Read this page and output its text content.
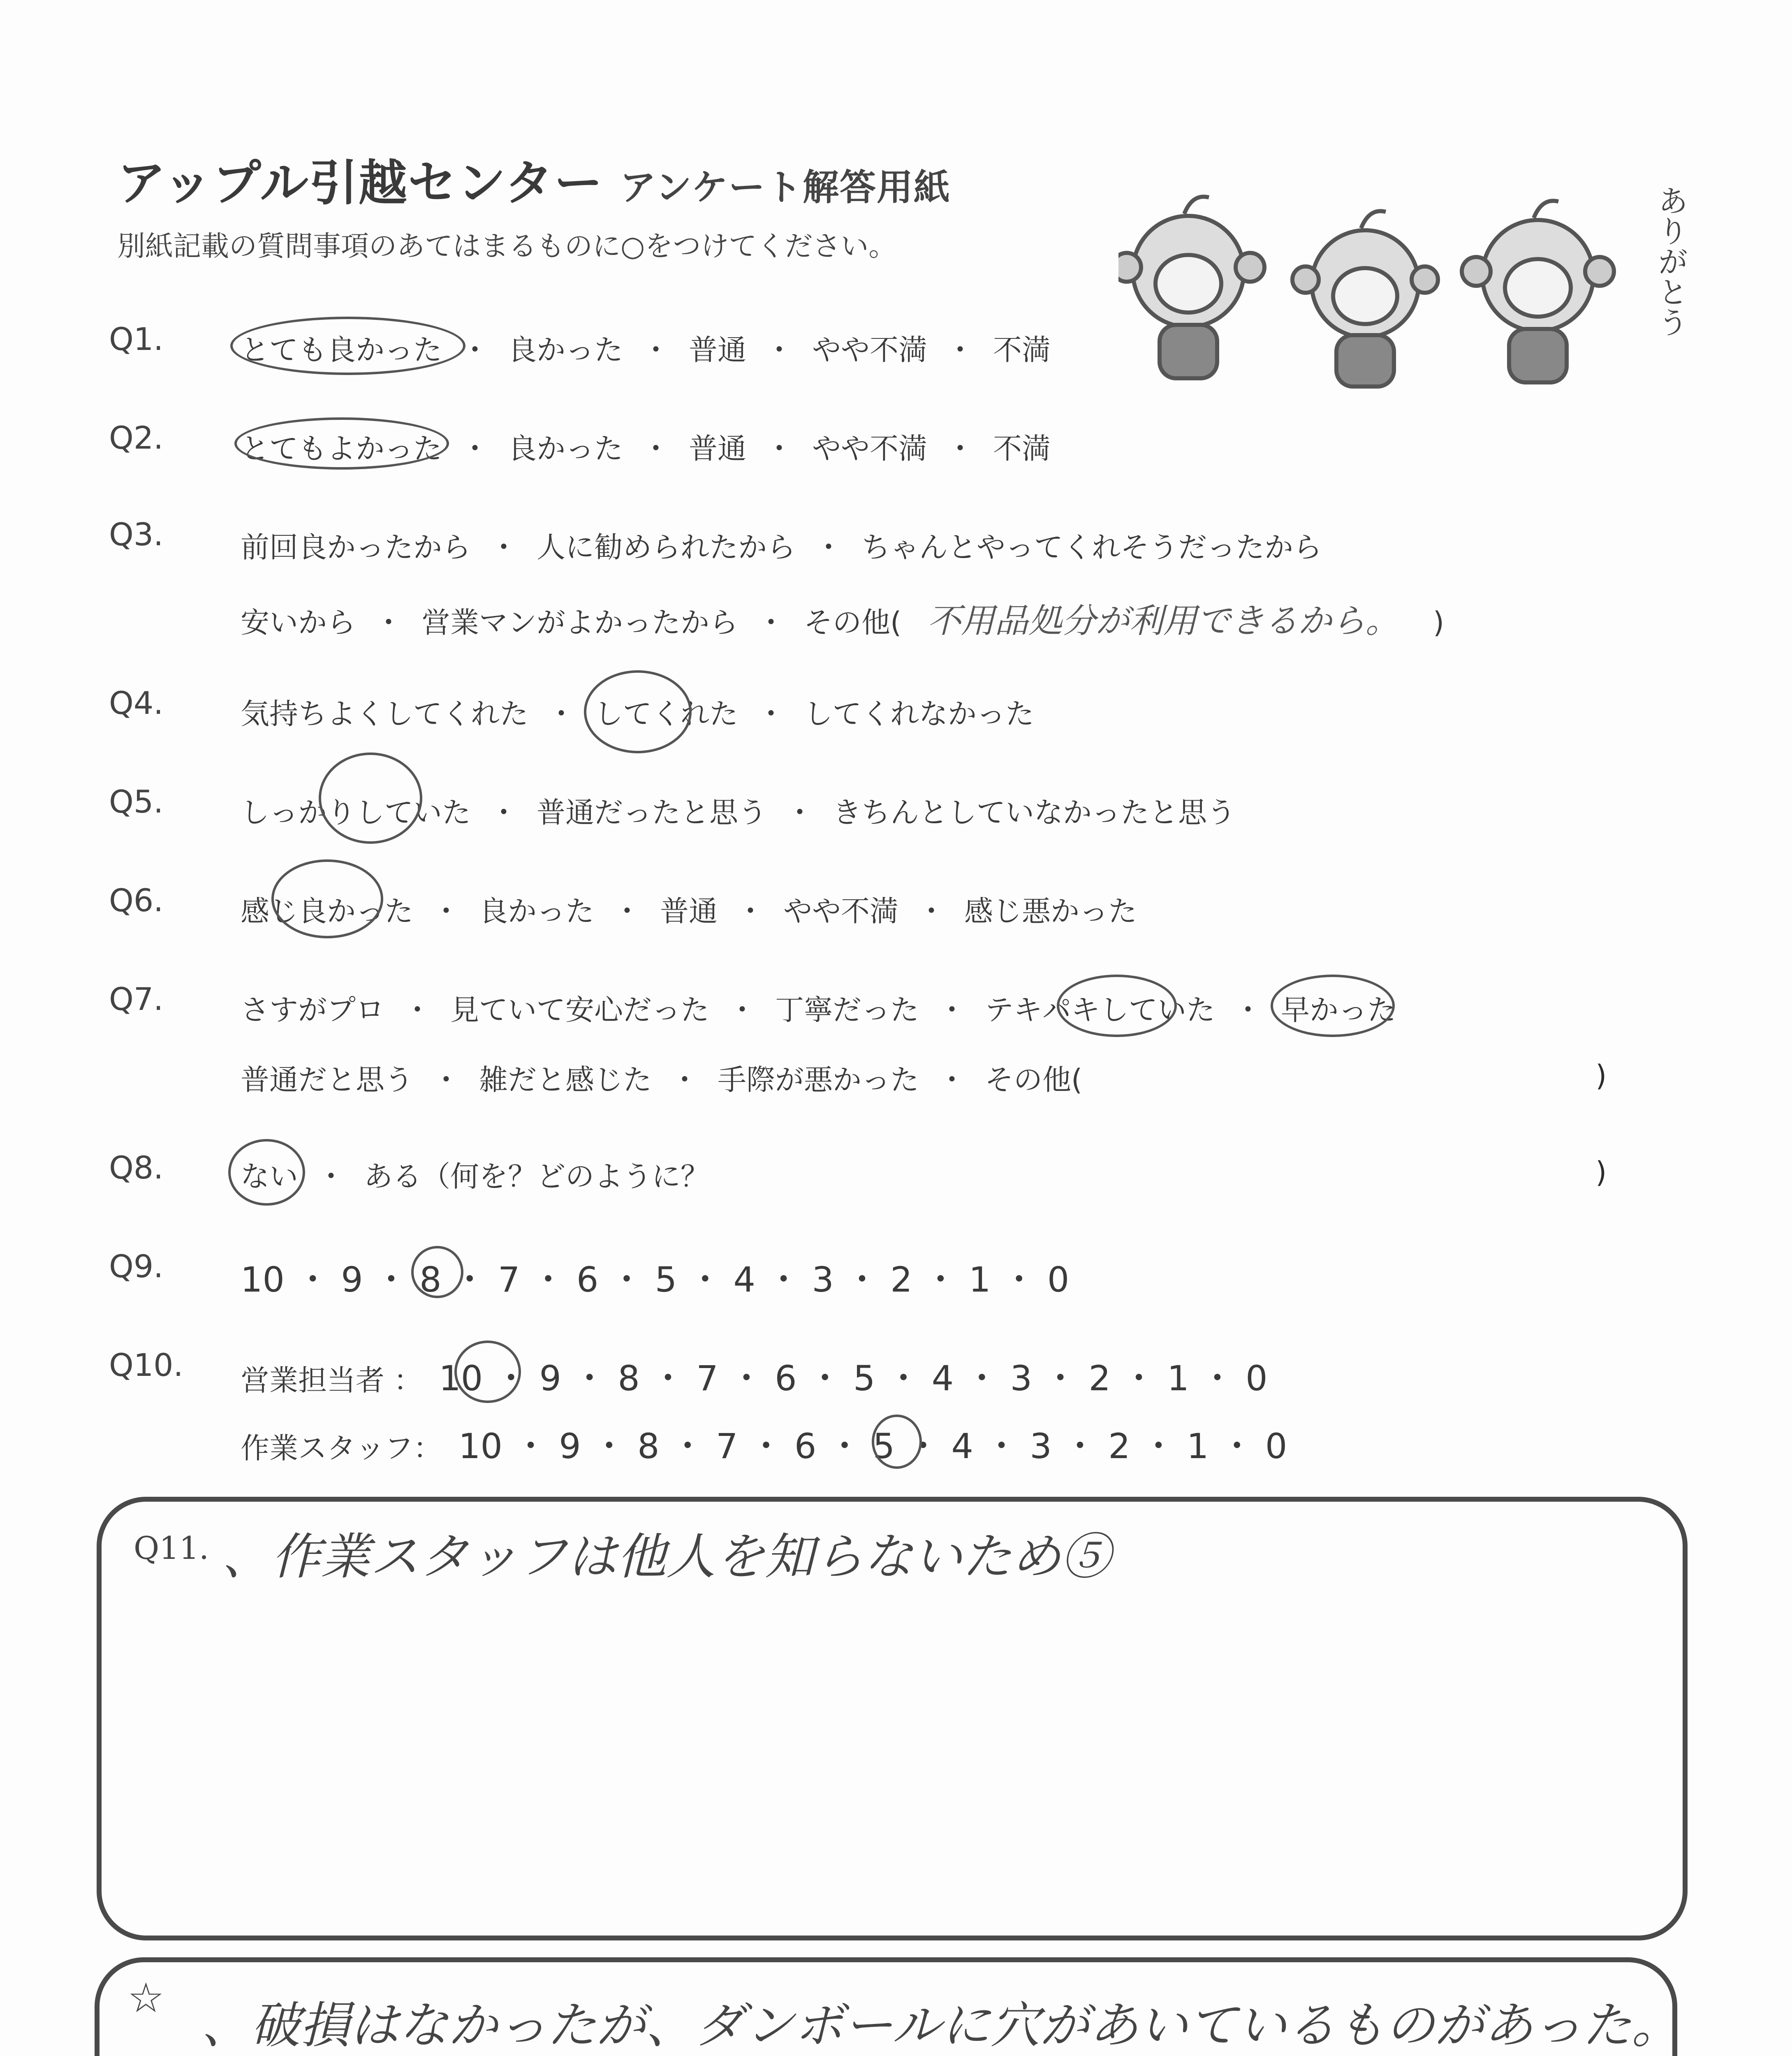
アップル引越センター アンケート解答用紙
別紙記載の質問事項のあてはまるものに○をつけてください。	ありがとう
Q1.	とても良かった ・ 良かった ・ 普通 ・ やや不満 ・ 不満
Q2.	とてもよかった ・ 良かった ・ 普通 ・ やや不満 ・ 不満
Q3.	前回良かったから ・ 人に勧められたから ・ ちゃんとやってくれそうだったから
安いから ・ 営業マンがよかったから ・ その他( 不用品処分が利用できるから。 )
Q4.	気持ちよくしてくれた ・ してくれた ・ してくれなかった
Q5.	しっかりしていた ・ 普通だったと思う ・ きちんとしていなかったと思う
Q6.	感じ良かった ・ 良かった ・ 普通 ・ やや不満 ・ 感じ悪かった
Q7.	さすがプロ ・ 見ていて安心だった ・ 丁寧だった ・ テキパキしていた ・ 早かった
普通だと思う ・ 雑だと感じた ・ 手際が悪かった ・ その他(	)
Q8.	ない ・ ある（何を？どのように？	)
Q9. 10 ・ 9 ・ 8 ・ 7 ・ 6 ・ 5 ・ 4 ・ 3 ・ 2 ・ 1 ・ 0
Q10. 営業担当者 ： 10 ・ 9 ・ 8 ・ 7 ・ 6 ・ 5 ・ 4 ・ 3 ・ 2 ・ 1 ・ 0
作業スタッフ： 10 ・ 9 ・ 8 ・ 7 ・ 6 ・ 5 ・ 4 ・ 3 ・ 2 ・ 1 ・ 0
Q11. 、作業スタッフは他人を知らないため⑤
☆ 、破損はなかったが、ダンボールに穴があいているものがあった。
